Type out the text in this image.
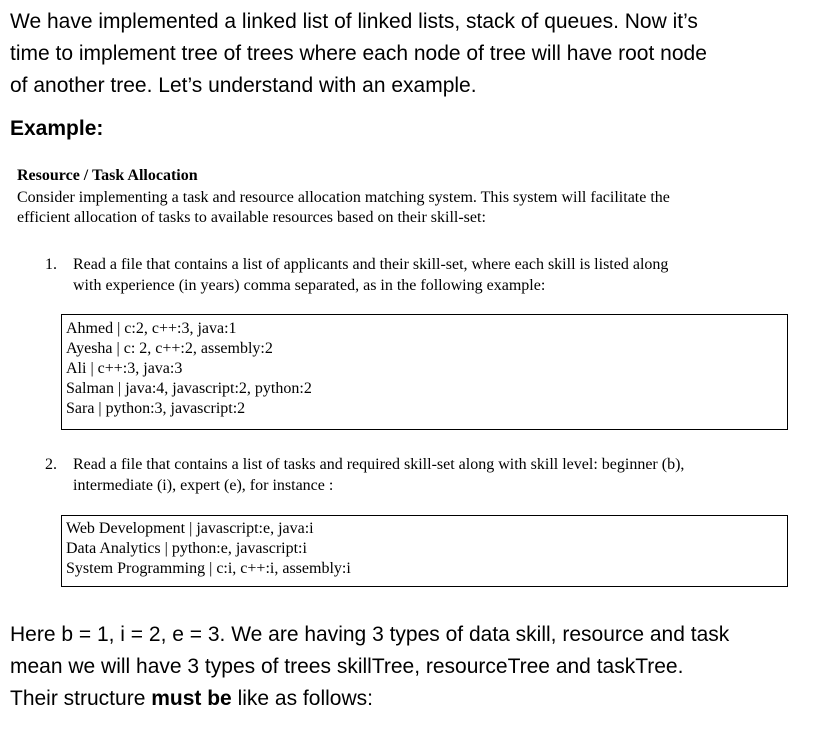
We have implemented a linked list of linked lists, stack of queues. Now it’s
time to implement tree of trees where each node of tree will have root node
of another tree. Let’s understand with an example.

Example:
Resource / Task Allocation

Consider implementing a task and resource allocation matching system. This system will facilitate the
efficient allocation of tasks to available resources based on their skill-set:

1.	Read a file that contains a list of applicants and their skill-set, where each skill is listed along
with experience (in years) comma separated, as in the following example:
Ahmed | c:2, c++:3, java:1
Ayesha | c: 2, c++:2, assembly:2
Ali | c++:3, java:3
Salman | java:4, javascript:2, python:2
Sara | python:3, javascript:2
2.	Read a file that contains a list of tasks and required skill-set along with skill level: beginner (b),
intermediate (i), expert (e), for instance :
Web Development | javascript:e, java:i
Data Analytics | python:e, javascript:i
System Programming | c:i, c++:i, assembly:i

Here b = 1, i = 2, e = 3. We are having 3 types of data skill, resource and task
mean we will have 3 types of trees skillTree, resourceTree and taskTree.
Their structure must be like as follows:
